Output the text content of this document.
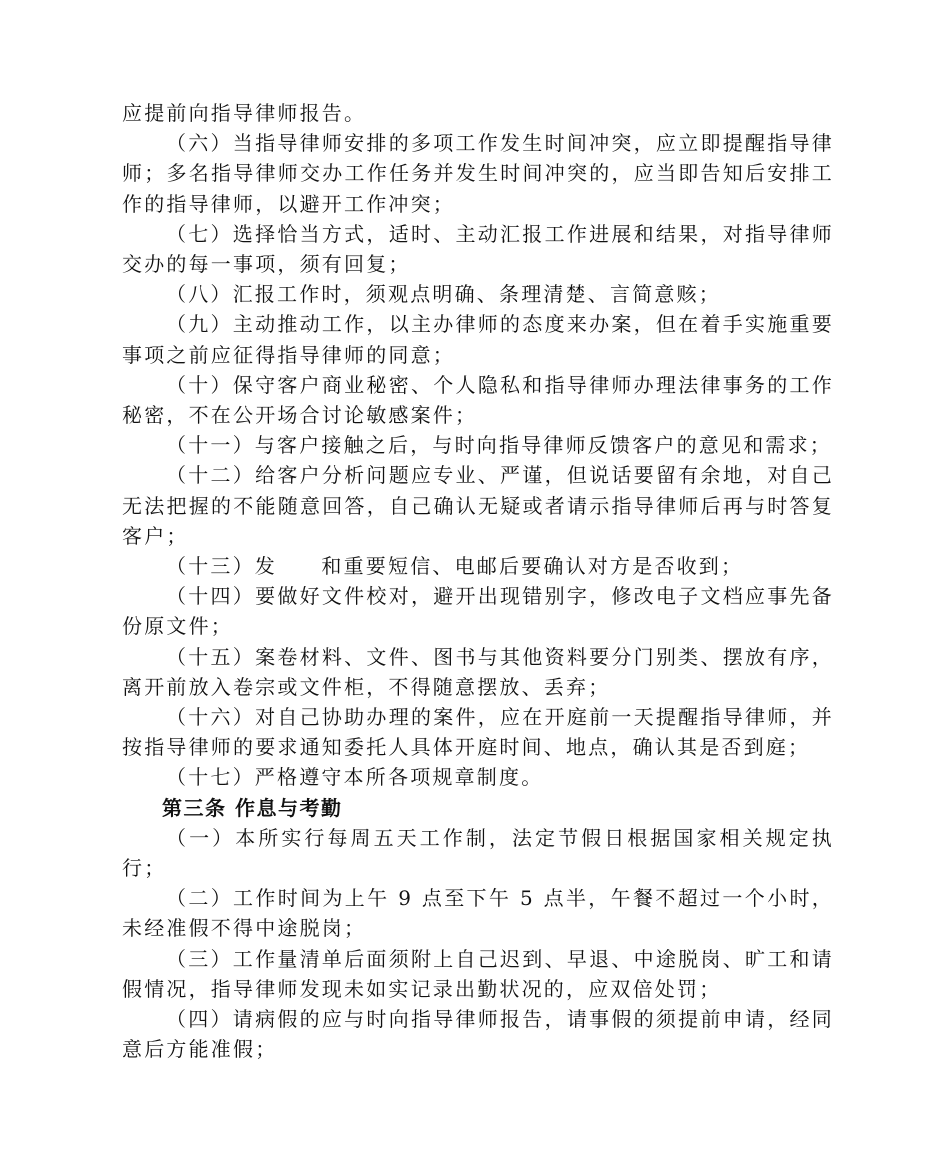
应提前向指导律师报告。

（六）当指导律师安排的多项工作发生时间冲突，应立即提醒指导律师；多名指导律师交办工作任务并发生时间冲突的，应当即告知后安排工作的指导律师，以避开工作冲突；

（七）选择恰当方式，适时、主动汇报工作进展和结果，对指导律师交办的每一事项，须有回复；

（八）汇报工作时，须观点明确、条理清楚、言简意赅；

（九）主动推动工作，以主办律师的态度来办案，但在着手实施重要事项之前应征得指导律师的同意；

（十）保守客户商业秘密、个人隐私和指导律师办理法律事务的工作秘密，不在公开场合讨论敏感案件；

（十一）与客户接触之后，与时向指导律师反馈客户的意见和需求；

（十二）给客户分析问题应专业、严谨，但说话要留有余地，对自己无法把握的不能随意回答，自己确认无疑或者请示指导律师后再与时答复客户；

（十三）发　　和重要短信、电邮后要确认对方是否收到；

（十四）要做好文件校对，避开出现错别字，修改电子文档应事先备份原文件；

（十五）案卷材料、文件、图书与其他资料要分门别类、摆放有序，离开前放入卷宗或文件柜，不得随意摆放、丢弃；

（十六）对自己协助办理的案件，应在开庭前一天提醒指导律师，并按指导律师的要求通知委托人具体开庭时间、地点，确认其是否到庭；

（十七）严格遵守本所各项规章制度。

第三条 作息与考勤

（一）本所实行每周五天工作制，法定节假日根据国家相关规定执行；

（二）工作时间为上午 9 点至下午 5 点半，午餐不超过一个小时，未经准假不得中途脱岗；

（三）工作量清单后面须附上自己迟到、早退、中途脱岗、旷工和请假情况，指导律师发现未如实记录出勤状况的，应双倍处罚；

（四）请病假的应与时向指导律师报告，请事假的须提前申请，经同意后方能准假；
